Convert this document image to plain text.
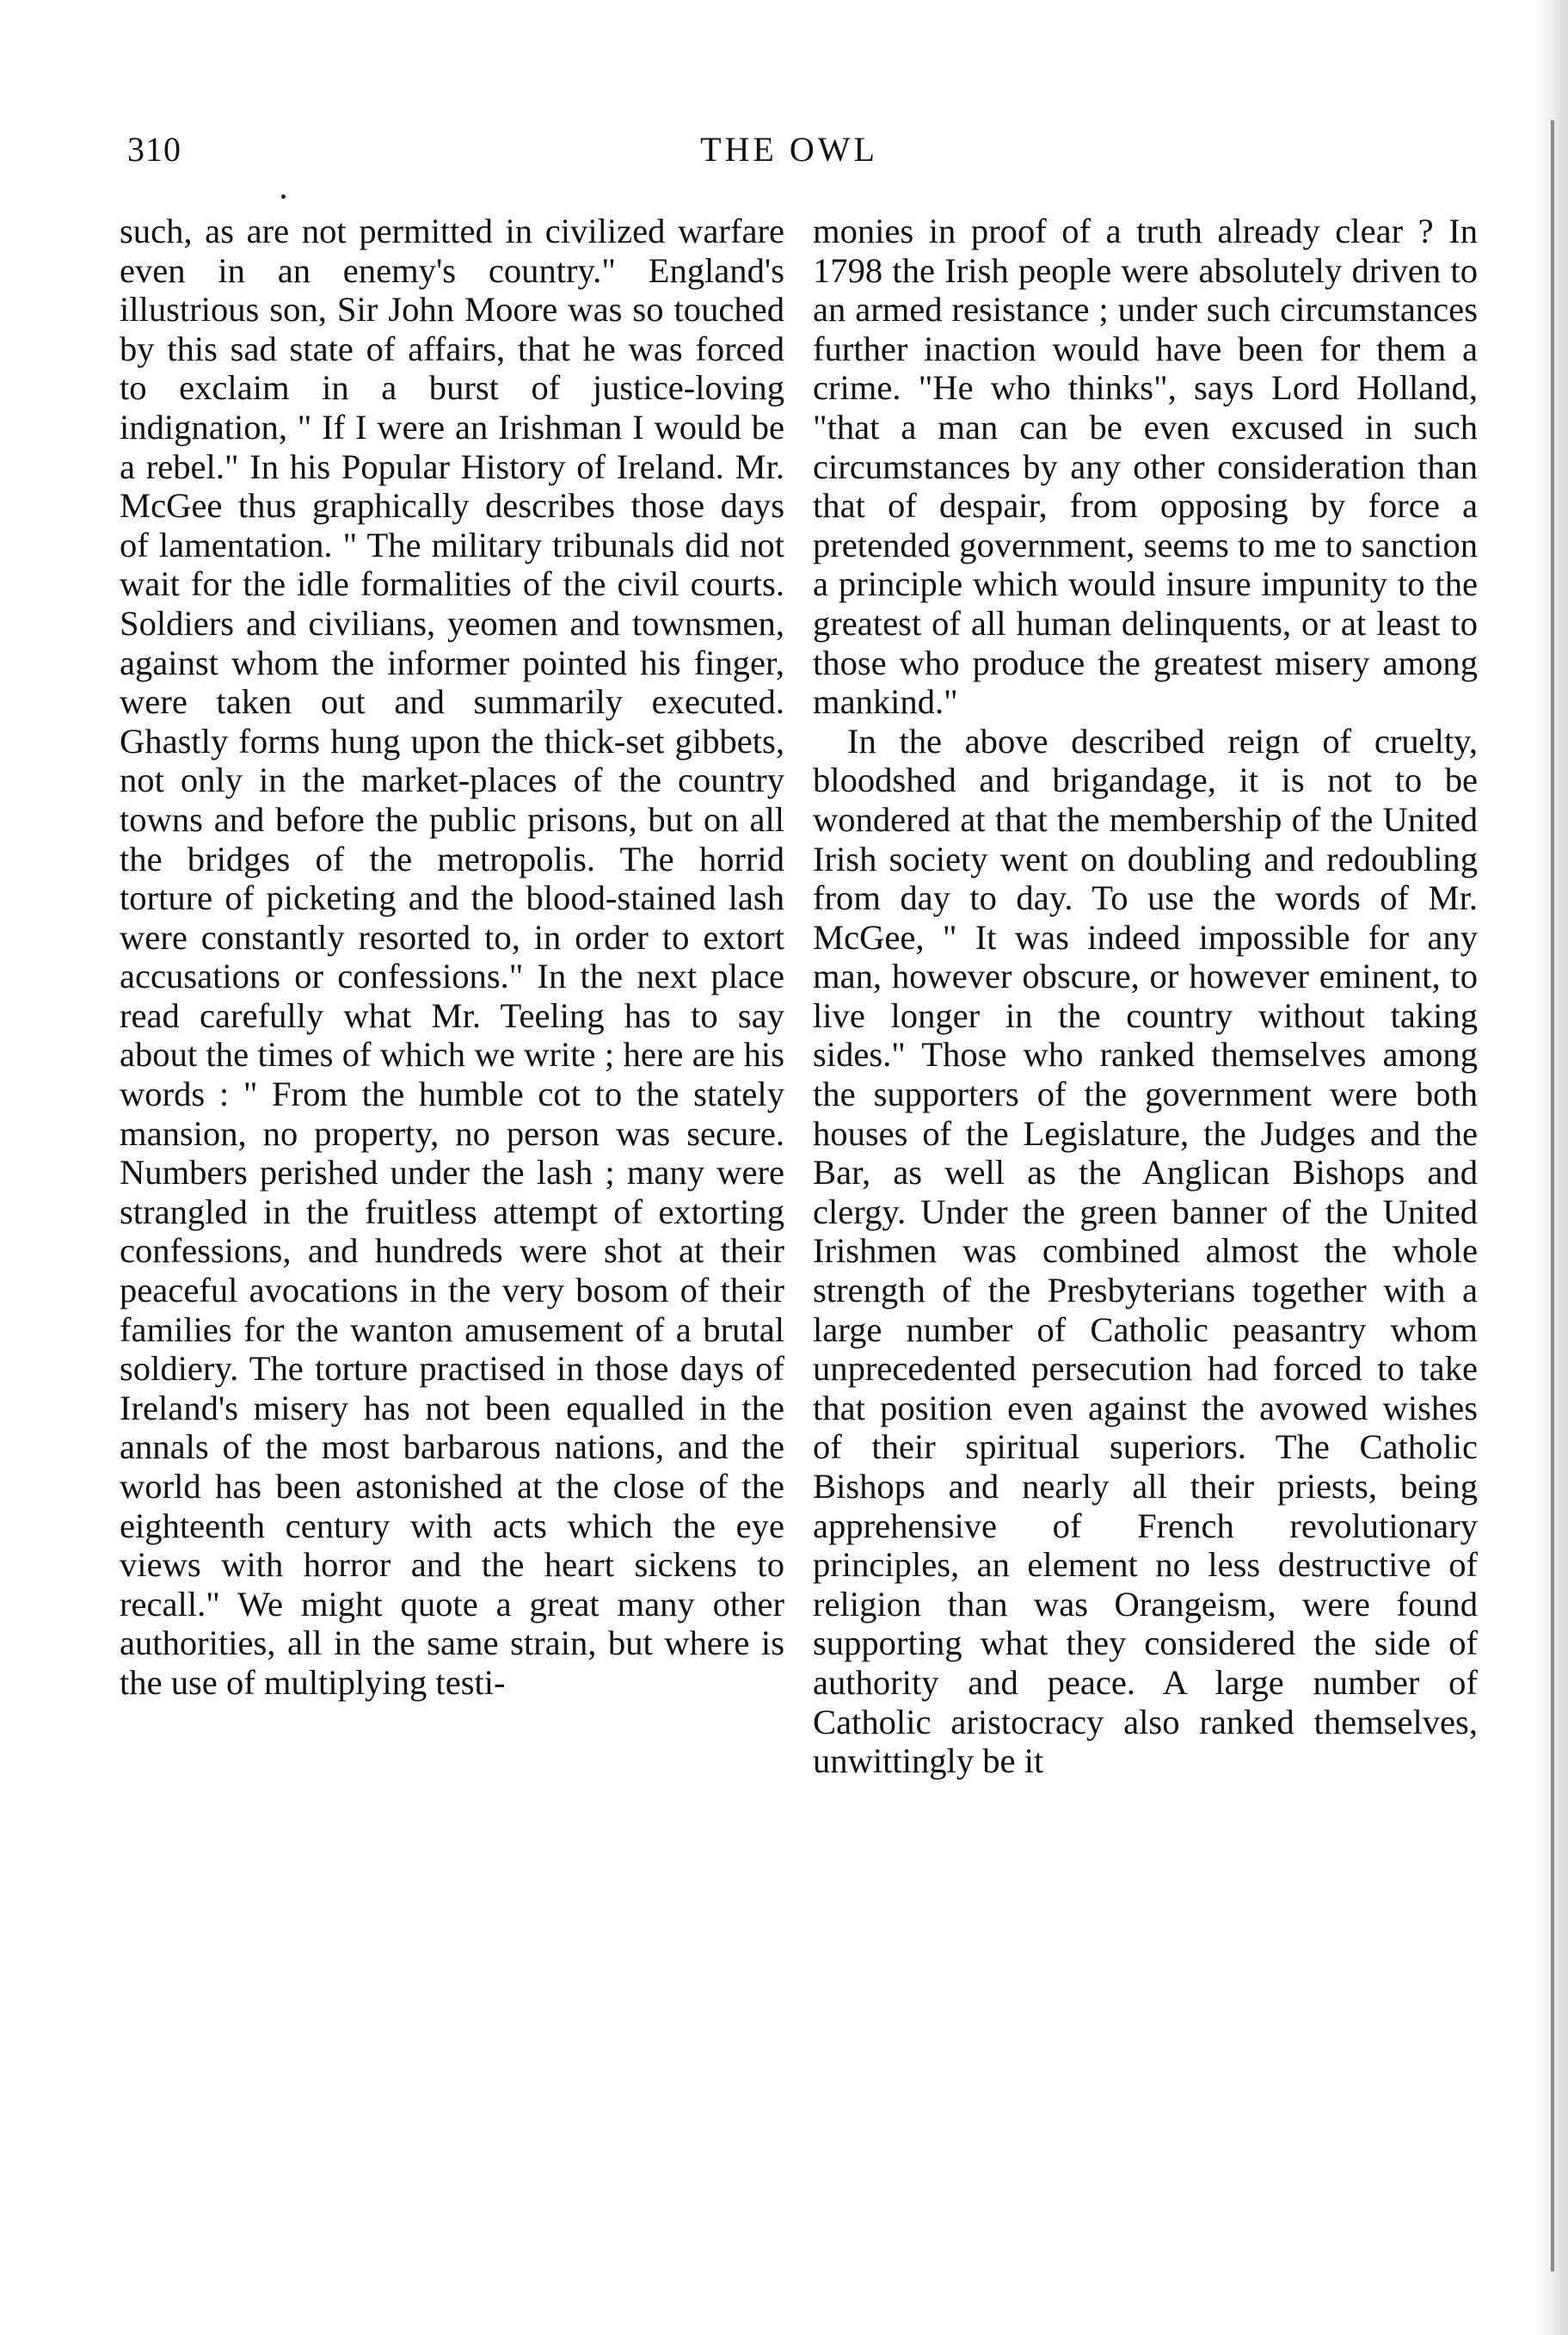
310	THE OWL

such, as are not permitted in civilized warfare even in an enemy's country." England's illustrious son, Sir John Moore was so touched by this sad state of affairs, that he was forced to exclaim in a burst of justice-loving indignation, " If I were an Irishman I would be a rebel." In his Popular History of Ireland. Mr. McGee thus graphically describes those days of lamentation. " The military tribunals did not wait for the idle formalities of the civil courts. Soldiers and civilians, yeomen and townsmen, against whom the informer pointed his finger, were taken out and summarily executed. Ghastly forms hung upon the thick-set gibbets, not only in the market-places of the country towns and before the public prisons, but on all the bridges of the metropolis. The horrid torture of picketing and the blood-stained lash were constantly resorted to, in order to extort accusations or confessions." In the next place read carefully what Mr. Teeling has to say about the times of which we write ; here are his words : " From the humble cot to the stately mansion, no property, no person was secure. Numbers perished under the lash ; many were strangled in the fruitless attempt of extorting confessions, and hundreds were shot at their peaceful avocations in the very bosom of their families for the wanton amusement of a brutal soldiery. The torture practised in those days of Ireland's misery has not been equalled in the annals of the most barbarous nations, and the world has been astonished at the close of the eighteenth century with acts which the eye views with horror and the heart sickens to recall." We might quote a great many other authorities, all in the same strain, but where is the use of multiplying testi-

monies in proof of a truth already clear ? In 1798 the Irish people were absolutely driven to an armed resistance ; under such circumstances further inaction would have been for them a crime. "He who thinks", says Lord Holland, "that a man can be even excused in such circumstances by any other consideration than that of despair, from opposing by force a pretended government, seems to me to sanction a principle which would insure impunity to the greatest of all human delinquents, or at least to those who produce the greatest misery among mankind."

In the above described reign of cruelty, bloodshed and brigandage, it is not to be wondered at that the membership of the United Irish society went on doubling and redoubling from day to day. To use the words of Mr. McGee, " It was indeed impossible for any man, however obscure, or however eminent, to live longer in the country without taking sides." Those who ranked themselves among the supporters of the government were both houses of the Legislature, the Judges and the Bar, as well as the Anglican Bishops and clergy. Under the green banner of the United Irishmen was combined almost the whole strength of the Presbyterians together with a large number of Catholic peasantry whom unprecedented persecution had forced to take that position even against the avowed wishes of their spiritual superiors. The Catholic Bishops and nearly all their priests, being apprehensive of French revolutionary principles, an element no less destructive of religion than was Orangeism, were found supporting what they considered the side of authority and peace. A large number of Catholic aristocracy also ranked themselves, unwittingly be it
